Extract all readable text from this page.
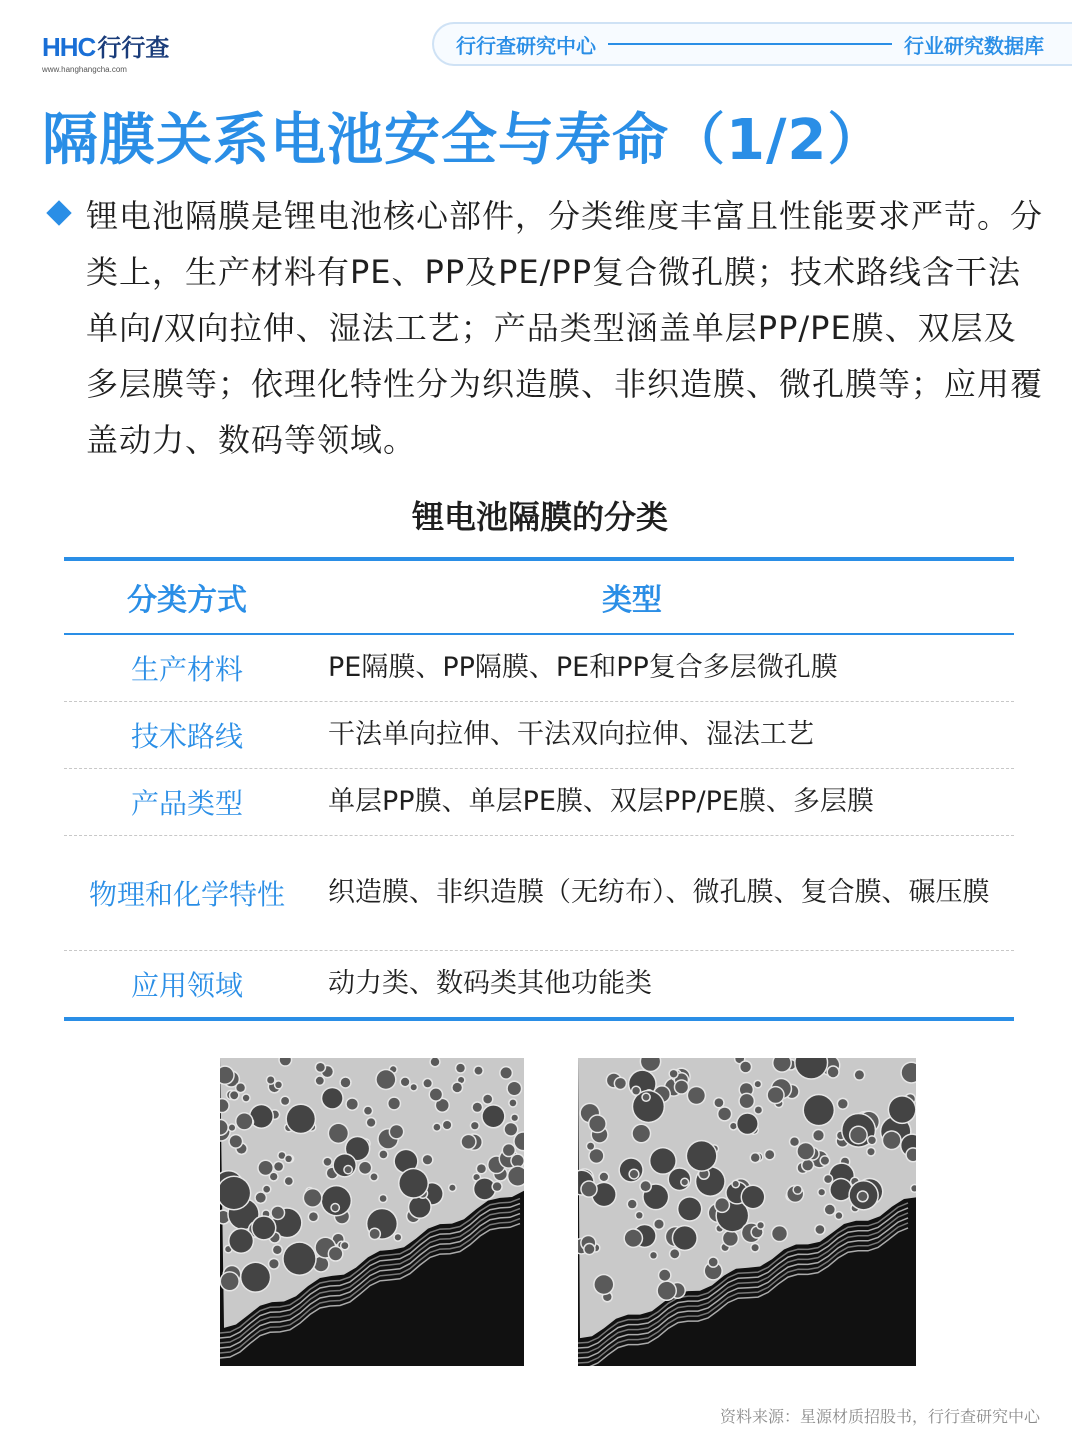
HHC 行行查
www.hanghangcha.com
行行查研究中心	行业研究数据库
隔膜关系电池安全与寿命（1/2）
锂电池隔膜是锂电池核心部件，分类维度丰富且性能要求严苛。分类上，生产材料有PE、PP及PE/PP复合微孔膜；技术路线含干法单向/双向拉伸、湿法工艺；产品类型涵盖单层PP/PE膜、双层及多层膜等；依理化特性分为织造膜、非织造膜、微孔膜等；应用覆盖动力、数码等领域。
锂电池隔膜的分类
分类方式	类型
生产材料	PE隔膜、PP隔膜、PE和PP复合多层微孔膜
技术路线	干法单向拉伸、干法双向拉伸、湿法工艺
产品类型	单层PP膜、单层PE膜、双层PP/PE膜、多层膜
物理和化学特性	织造膜、非织造膜（无纺布）、微孔膜、复合膜、碾压膜
应用领域	动力类、数码类其他功能类
资料来源：星源材质招股书，行行查研究中心
